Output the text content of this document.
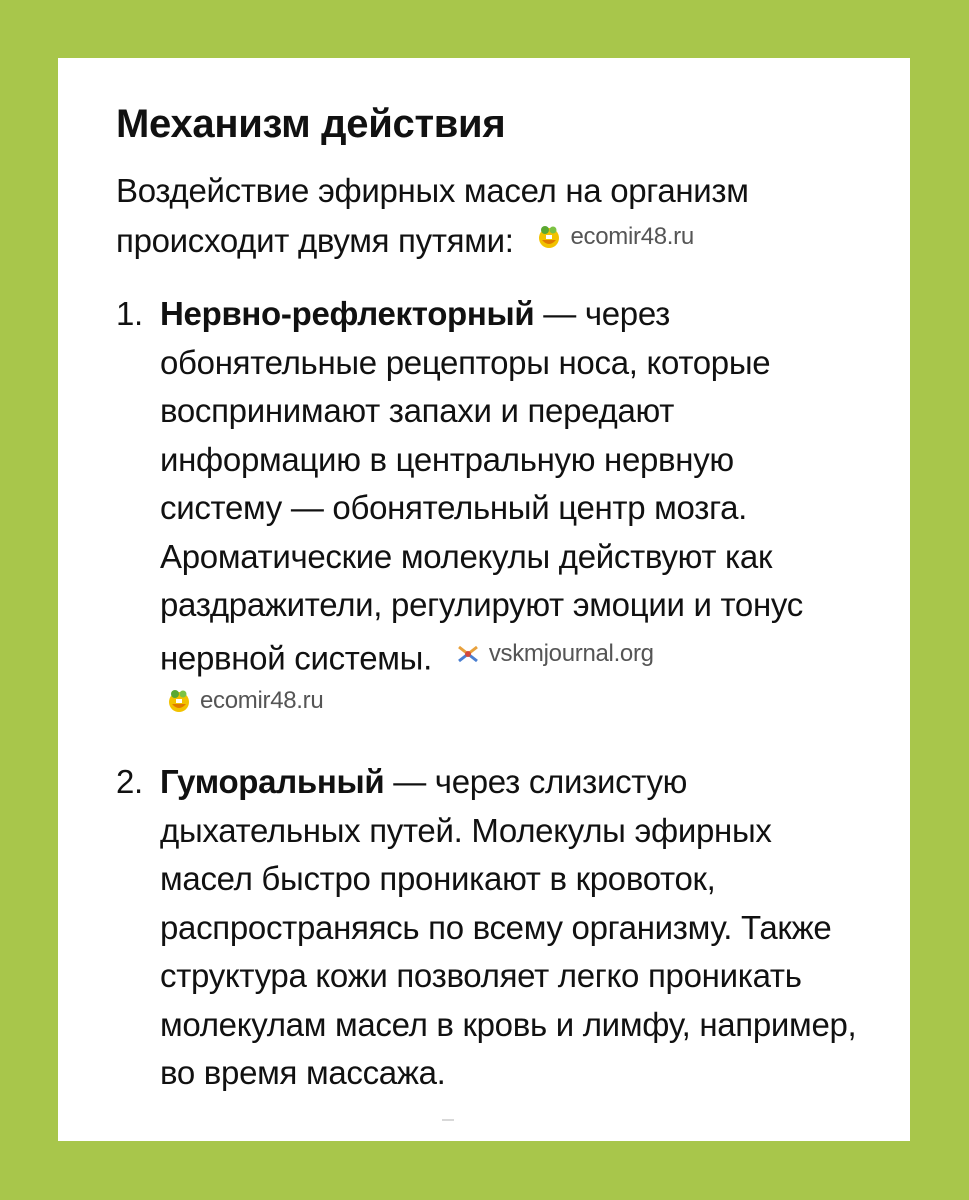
Механизм действия

Воздействие эфирных масел на организм происходит двумя путями: ecomir48.ru

1. Нервно-рефлекторный — через обонятельные рецепторы носа, которые воспринимают запахи и передают информацию в центральную нервную систему — обонятельный центр мозга. Ароматические молекулы действуют как раздражители, регулируют эмоции и тонус нервной системы. vskmjournal.org
ecomir48.ru
2. Гуморальный — через слизистую дыхательных путей. Молекулы эфирных масел быстро проникают в кровоток, распространяясь по всему организму. Также структура кожи позволяет легко проникать молекулам масел в кровь и лимфу, например, во время массажа.
